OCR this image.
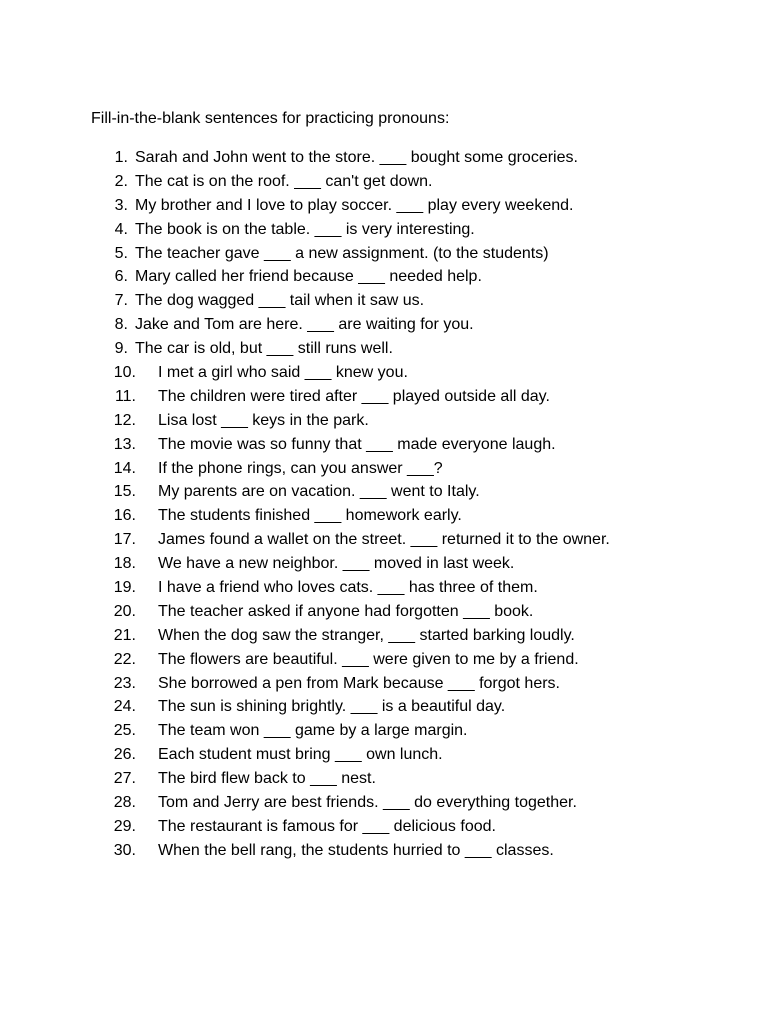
Fill-in-the-blank sentences for practicing pronouns:
1. Sarah and John went to the store. ___ bought some groceries.
2. The cat is on the roof. ___ can't get down.
3. My brother and I love to play soccer. ___ play every weekend.
4. The book is on the table. ___ is very interesting.
5. The teacher gave ___ a new assignment. (to the students)
6. Mary called her friend because ___ needed help.
7. The dog wagged ___ tail when it saw us.
8. Jake and Tom are here. ___ are waiting for you.
9. The car is old, but ___ still runs well.
10. I met a girl who said ___ knew you.
11. The children were tired after ___ played outside all day.
12. Lisa lost ___ keys in the park.
13. The movie was so funny that ___ made everyone laugh.
14. If the phone rings, can you answer ___?
15. My parents are on vacation. ___ went to Italy.
16. The students finished ___ homework early.
17. James found a wallet on the street. ___ returned it to the owner.
18. We have a new neighbor. ___ moved in last week.
19. I have a friend who loves cats. ___ has three of them.
20. The teacher asked if anyone had forgotten ___ book.
21. When the dog saw the stranger, ___ started barking loudly.
22. The flowers are beautiful. ___ were given to me by a friend.
23. She borrowed a pen from Mark because ___ forgot hers.
24. The sun is shining brightly. ___ is a beautiful day.
25. The team won ___ game by a large margin.
26. Each student must bring ___ own lunch.
27. The bird flew back to ___ nest.
28. Tom and Jerry are best friends. ___ do everything together.
29. The restaurant is famous for ___ delicious food.
30. When the bell rang, the students hurried to ___ classes.
